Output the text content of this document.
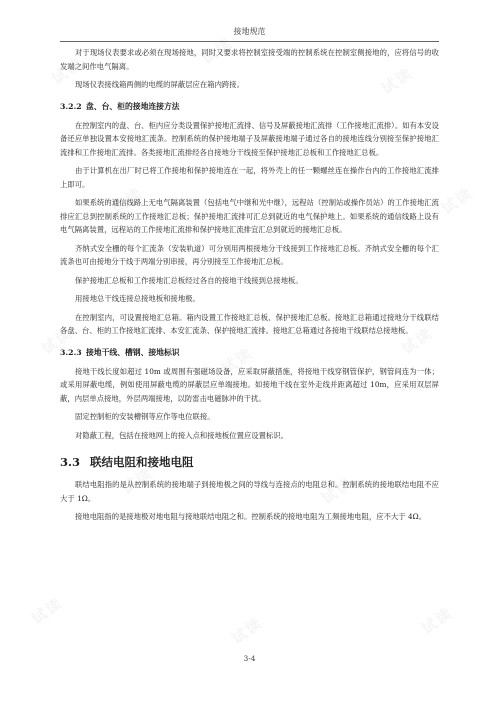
接地规范

对于现场仪表要求或必须在现场接地，同时又要求将控制室接受端的控制系统在控制室侧接地的，应将信号的收发端之间作电气隔离。

现场仪表接线箱两侧的电缆的屏蔽层应在箱内跨接。

3.2.2 盘、台、柜的接地连接方法

在控制室内的盘、台、柜内应分类设置保护接地汇流排、信号及屏蔽接地汇流排（工作接地汇流排）。如有本安设备还应单独设置本安接地汇流条。控制系统的保护接地端子及屏蔽接地端子通过各自的接地连线分别接至保护接地汇流排和工作接地汇流排。各类接地汇流排经各自接地分干线接至保护接地汇总板和工作接地汇总板。

由于计算机在出厂时已将工作接地和保护接地连在一起，将外壳上的任一颗螺丝连在操作台内的工作接地汇流排上即可。

如果系统的通信线路上无电气隔离装置（包括电气中继和光中继），远程站（控制站或操作员站）的工作接地汇流排应汇总到控制系统的工作接地汇总板；保护接地汇流排可汇总到就近的电气保护地上。如果系统的通信线路上设有电气隔离装置，远程站的工作接地汇流排和保护接地汇流排宜汇总到就近的接地汇总板。

齐纳式安全栅的每个汇流条（安装轨道）可分别用两根接地分干线接到工作接地汇总板。齐纳式安全栅的每个汇流条也可由接地分干线于两端分别串接，再分别接至工作接地汇总板。

保护接地汇总板和工作接地汇总板经过各自的接地干线接到总接地板。

用接地总干线连接总接地板和接地极。

在控制室内，可设置接地汇总箱。箱内设置工作接地汇总板、保护接地汇总板。接地汇总箱通过接地分干线联结各盘、台、柜的工作接地汇流排、本安汇流条、保护接地汇流排。接地汇总箱通过各接地干线联结总接地板。

3.2.3 接地干线、槽钢、接地标识

接地干线长度如超过 10m 或周围有强磁场设备，应采取屏蔽措施，将接地干线穿钢管保护，钢管间连为一体；或采用屏蔽电缆，例如使用屏蔽电缆的屏蔽层应单端接地。如接地干线在室外走线并距离超过 10m，应采用双层屏蔽，内层单点接地，外层两端接地，以防雷击电磁脉冲的干扰。

固定控制柜的安装槽钢等应作等电位联接。

对隐蔽工程，包括在接地网上的接入点和接地板位置应设置标识。

3.3 联结电阻和接地电阻

联结电阻指的是从控制系统的接地端子到接地极之间的导线与连接点的电阻总和。控制系统的接地联结电阻不应大于 1Ω。

接地电阻指的是接地极对地电阻与接地联结电阻之和。控制系统的接地电阻为工频接地电阻，应不大于 4Ω。

3-4
